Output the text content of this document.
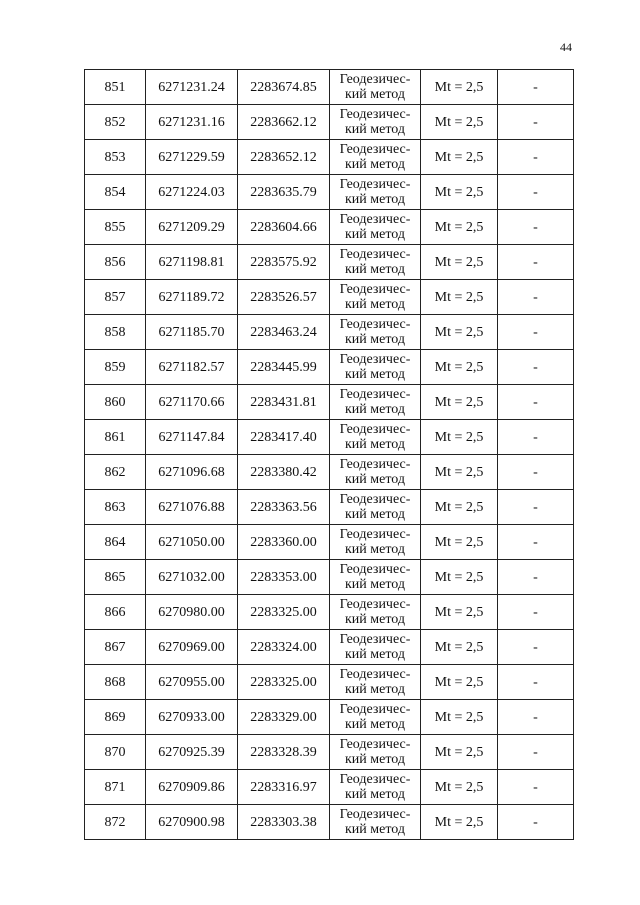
44
851	6271231.24	2283674.85	Геодезичес-
кий метод	Mt = 2,5	-
852	6271231.16	2283662.12	Геодезичес-
кий метод	Mt = 2,5	-
853	6271229.59	2283652.12	Геодезичес-
кий метод	Mt = 2,5	-
854	6271224.03	2283635.79	Геодезичес-
кий метод	Mt = 2,5	-
855	6271209.29	2283604.66	Геодезичес-
кий метод	Mt = 2,5	-
856	6271198.81	2283575.92	Геодезичес-
кий метод	Mt = 2,5	-
857	6271189.72	2283526.57	Геодезичес-
кий метод	Mt = 2,5	-
858	6271185.70	2283463.24	Геодезичес-
кий метод	Mt = 2,5	-
859	6271182.57	2283445.99	Геодезичес-
кий метод	Mt = 2,5	-
860	6271170.66	2283431.81	Геодезичес-
кий метод	Mt = 2,5	-
861	6271147.84	2283417.40	Геодезичес-
кий метод	Mt = 2,5	-
862	6271096.68	2283380.42	Геодезичес-
кий метод	Mt = 2,5	-
863	6271076.88	2283363.56	Геодезичес-
кий метод	Mt = 2,5	-
864	6271050.00	2283360.00	Геодезичес-
кий метод	Mt = 2,5	-
865	6271032.00	2283353.00	Геодезичес-
кий метод	Mt = 2,5	-
866	6270980.00	2283325.00	Геодезичес-
кий метод	Mt = 2,5	-
867	6270969.00	2283324.00	Геодезичес-
кий метод	Mt = 2,5	-
868	6270955.00	2283325.00	Геодезичес-
кий метод	Mt = 2,5	-
869	6270933.00	2283329.00	Геодезичес-
кий метод	Mt = 2,5	-
870	6270925.39	2283328.39	Геодезичес-
кий метод	Mt = 2,5	-
871	6270909.86	2283316.97	Геодезичес-
кий метод	Mt = 2,5	-
872	6270900.98	2283303.38	Геодезичес-
кий метод	Mt = 2,5	-
